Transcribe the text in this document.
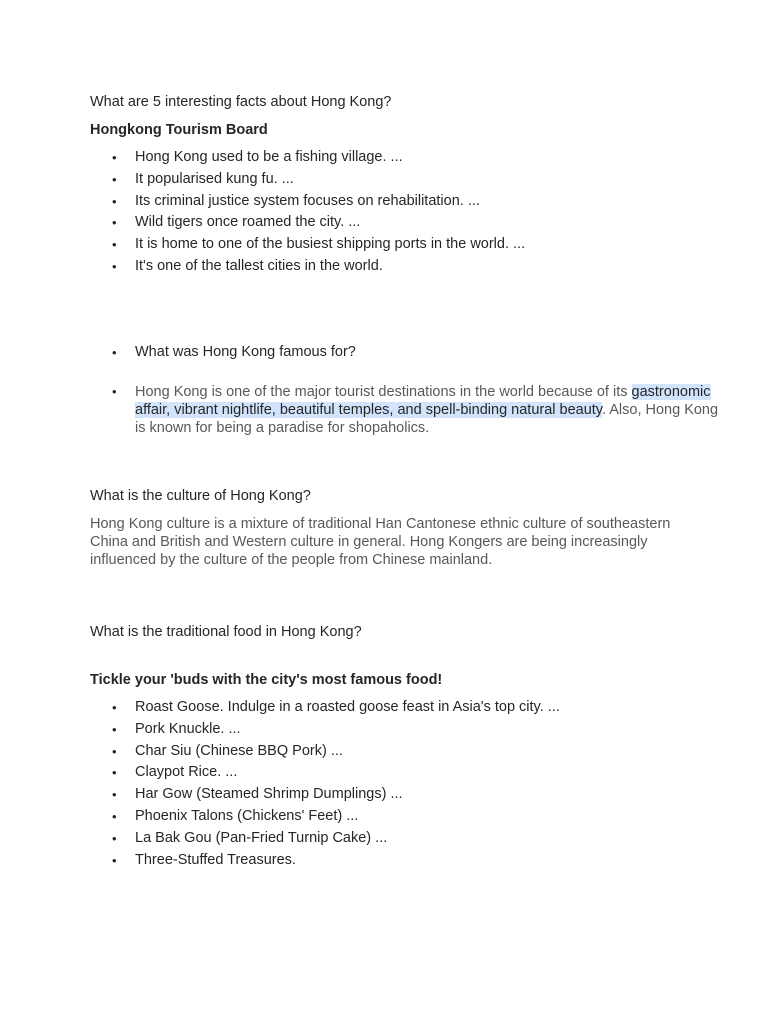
What are 5 interesting facts about Hong Kong?

Hongkong Tourism Board

• Hong Kong used to be a fishing village. ...
• It popularised kung fu. ...
• Its criminal justice system focuses on rehabilitation. ...
• Wild tigers once roamed the city. ...
• It is home to one of the busiest shipping ports in the world. ...
• It's one of the tallest cities in the world.
• What was Hong Kong famous for?
• Hong Kong is one of the major tourist destinations in the world because of its gastronomic affair, vibrant nightlife, beautiful temples, and spell-binding natural beauty. Also, Hong Kong is known for being a paradise for shopaholics.

What is the culture of Hong Kong?

Hong Kong culture is a mixture of traditional Han Cantonese ethnic culture of southeastern China and British and Western culture in general. Hong Kongers are being increasingly influenced by the culture of the people from Chinese mainland.

What is the traditional food in Hong Kong?

Tickle your 'buds with the city's most famous food!

• Roast Goose. Indulge in a roasted goose feast in Asia's top city. ...
• Pork Knuckle. ...
• Char Siu (Chinese BBQ Pork) ...
• Claypot Rice. ...
• Har Gow (Steamed Shrimp Dumplings) ...
• Phoenix Talons (Chickens' Feet) ...
• La Bak Gou (Pan-Fried Turnip Cake) ...
• Three-Stuffed Treasures.
